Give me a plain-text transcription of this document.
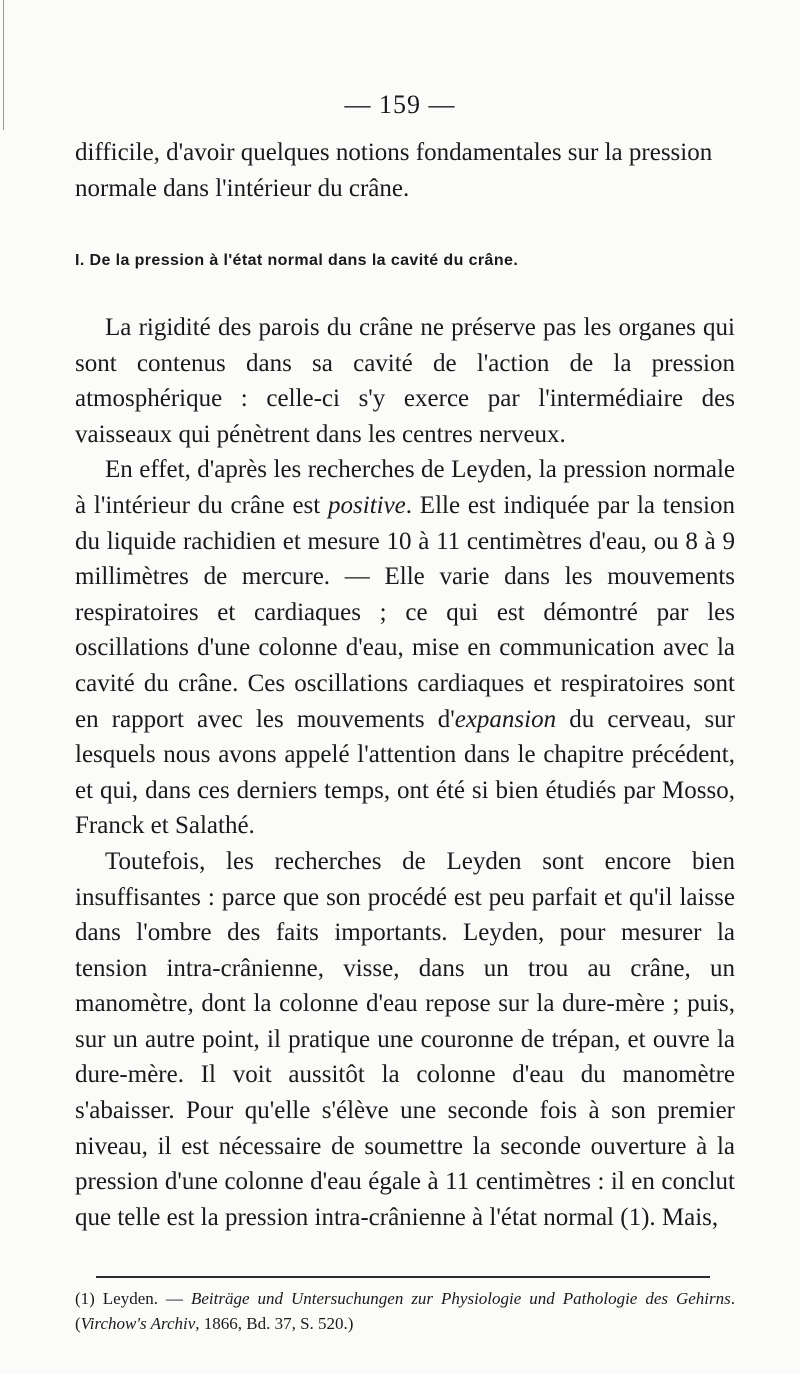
— 159 —
difficile, d'avoir quelques notions fondamentales sur la pression normale dans l'intérieur du crâne.
I. De la pression à l'état normal dans la cavité du crâne.

La rigidité des parois du crâne ne préserve pas les organes qui sont contenus dans sa cavité de l'action de la pression atmosphérique : celle-ci s'y exerce par l'intermédiaire des vaisseaux qui pénètrent dans les centres nerveux.

En effet, d'après les recherches de Leyden, la pression normale à l'intérieur du crâne est positive. Elle est indiquée par la tension du liquide rachidien et mesure 10 à 11 centimètres d'eau, ou 8 à 9 millimètres de mercure. — Elle varie dans les mouvements respiratoires et cardiaques ; ce qui est démontré par les oscillations d'une colonne d'eau, mise en communication avec la cavité du crâne. Ces oscillations cardiaques et respiratoires sont en rapport avec les mouvements d'expansion du cerveau, sur lesquels nous avons appelé l'attention dans le chapitre précédent, et qui, dans ces derniers temps, ont été si bien étudiés par Mosso, Franck et Salathé.

Toutefois, les recherches de Leyden sont encore bien insuffisantes : parce que son procédé est peu parfait et qu'il laisse dans l'ombre des faits importants. Leyden, pour mesurer la tension intra-crânienne, visse, dans un trou au crâne, un manomètre, dont la colonne d'eau repose sur la dure-mère ; puis, sur un autre point, il pratique une couronne de trépan, et ouvre la dure-mère. Il voit aussitôt la colonne d'eau du manomètre s'abaisser. Pour qu'elle s'élève une seconde fois à son premier niveau, il est nécessaire de soumettre la seconde ouverture à la pression d'une colonne d'eau égale à 11 centimètres : il en conclut que telle est la pression intra-crânienne à l'état normal (1). Mais,

(1) Leyden. — Beiträge und Untersuchungen zur Physiologie und Pathologie des Gehirns. (Virchow's Archiv, 1866, Bd. 37, S. 520.)
